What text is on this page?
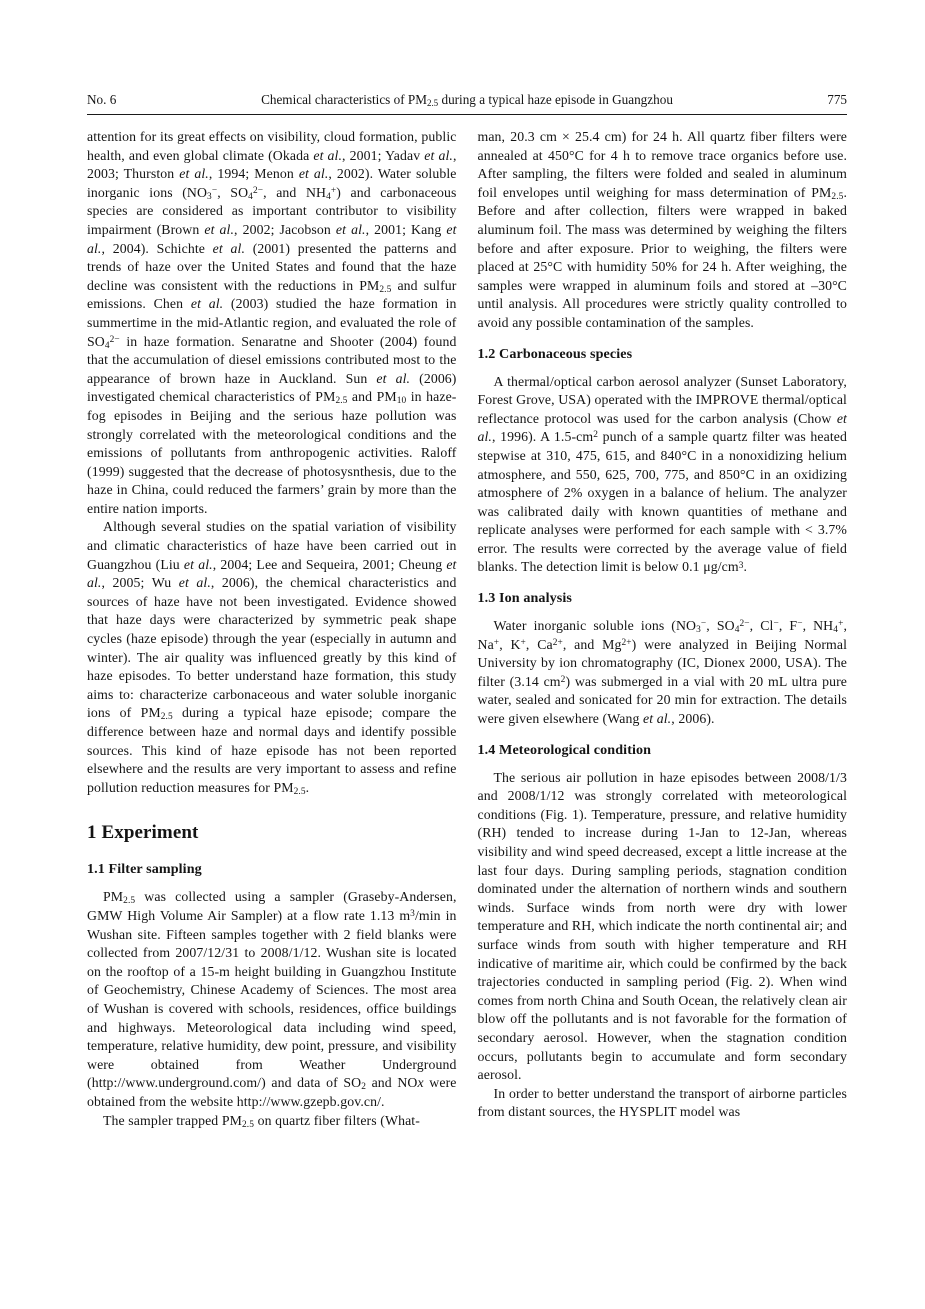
No. 6	Chemical characteristics of $PM_{2.5}$ during a typical haze episode in Guangzhou	775

attention for its great effects on visibility, cloud formation, public health, and even global climate (Okada et al., 2001; Yadav et al., 2003; Thurston et al., 1994; Menon et al., 2002). Water soluble inorganic ions ($NO_3^-$, $SO_4^{2-}$, and $NH_4^+$) and carbonaceous species are considered as important contributor to visibility impairment (Brown et al., 2002; Jacobson et al., 2001; Kang et al., 2004). Schichte et al. (2001) presented the patterns and trends of haze over the United States and found that the haze decline was consistent with the reductions in $PM_{2.5}$ and sulfur emissions. Chen et al. (2003) studied the haze formation in summertime in the mid-Atlantic region, and evaluated the role of $SO_4^{2-}$ in haze formation. Senaratne and Shooter (2004) found that the accumulation of diesel emissions contributed most to the appearance of brown haze in Auckland. Sun et al. (2006) investigated chemical characteristics of $PM_{2.5}$ and $PM_{10}$ in haze-fog episodes in Beijing and the serious haze pollution was strongly correlated with the meteorological conditions and the emissions of pollutants from anthropogenic activities. Raloff (1999) suggested that the decrease of photosysnthesis, due to the haze in China, could reduced the farmers’ grain by more than the entire nation imports.

Although several studies on the spatial variation of visibility and climatic characteristics of haze have been carried out in Guangzhou (Liu et al., 2004; Lee and Sequeira, 2001; Cheung et al., 2005; Wu et al., 2006), the chemical characteristics and sources of haze have not been investigated. Evidence showed that haze days were characterized by symmetric peak shape cycles (haze episode) through the year (especially in autumn and winter). The air quality was influenced greatly by this kind of haze episodes. To better understand haze formation, this study aims to: characterize carbonaceous and water soluble inorganic ions of $PM_{2.5}$ during a typical haze episode; compare the difference between haze and normal days and identify possible sources. This kind of haze episode has not been reported elsewhere and the results are very important to assess and refine pollution reduction measures for $PM_{2.5}$.

1 Experiment
1.1 Filter sampling

$PM_{2.5}$ was collected using a sampler (Graseby-Andersen, GMW High Volume Air Sampler) at a flow rate 1.13 $m^3/\min$ in Wushan site. Fifteen samples together with 2 field blanks were collected from 2007/12/31 to 2008/1/12. Wushan site is located on the rooftop of a 15-m height building in Guangzhou Institute of Geochemistry, Chinese Academy of Sciences. The most area of Wushan is covered with schools, residences, office buildings and highways. Meteorological data including wind speed, temperature, relative humidity, dew point, pressure, and visibility were obtained from Weather Underground (http://www.underground.com/) and data of $SO_2$ and NOx were obtained from the website http://www.gzepb.gov.cn/.

The sampler trapped $PM_{2.5}$ on quartz fiber filters (What-

man, 20.3 cm × 25.4 cm) for 24 h. All quartz fiber filters were annealed at 450°C for 4 h to remove trace organics before use. After sampling, the filters were folded and sealed in aluminum foil envelopes until weighing for mass determination of $PM_{2.5}$. Before and after collection, filters were wrapped in baked aluminum foil. The mass was determined by weighing the filters before and after exposure. Prior to weighing, the filters were placed at 25°C with humidity 50% for 24 h. After weighing, the samples were wrapped in aluminum foils and stored at –30°C until analysis. All procedures were strictly quality controlled to avoid any possible contamination of the samples.

1.2 Carbonaceous species

A thermal/optical carbon aerosol analyzer (Sunset Laboratory, Forest Grove, USA) operated with the IMPROVE thermal/optical reflectance protocol was used for the carbon analysis (Chow et al., 1996). A $1.5-cm^2$ punch of a sample quartz filter was heated stepwise at 310, 475, 615, and 840°C in a nonoxidizing helium atmosphere, and 550, 625, 700, 775, and 850°C in an oxidizing atmosphere of 2% oxygen in a balance of helium. The analyzer was calibrated daily with known quantities of methane and replicate analyses were performed for each sample with < 3.7% error. The results were corrected by the average value of field blanks. The detection limit is below 0.1 $\mu g/cm^3$.

1.3 Ion analysis

Water inorganic soluble ions ($NO_3^-$, $SO_4^{2-}$, Cl−, F−, $NH_4^+$, Na+, K+, $Ca^{2+}$, and $Mg^{2+}$) were analyzed in Beijing Normal University by ion chromatography (IC, Dionex 2000, USA). The filter (3.14 $cm^2$) was submerged in a vial with 20 mL ultra pure water, sealed and sonicated for 20 min for extraction. The details were given elsewhere (Wang et al., 2006).

1.4 Meteorological condition

The serious air pollution in haze episodes between 2008/1/3 and 2008/1/12 was strongly correlated with meteorological conditions (Fig. 1). Temperature, pressure, and relative humidity (RH) tended to increase during 1-Jan to 12-Jan, whereas visibility and wind speed decreased, except a little increase at the last four days. During sampling periods, stagnation condition dominated under the alternation of northern winds and southern winds. Surface winds from north were dry with lower temperature and RH, which indicate the north continental air; and surface winds from south with higher temperature and RH indicative of maritime air, which could be confirmed by the back trajectories conducted in sampling period (Fig. 2). When wind comes from north China and South Ocean, the relatively clean air blow off the pollutants and is not favorable for the formation of secondary aerosol. However, when the stagnation condition occurs, pollutants begin to accumulate and form secondary aerosol.

In order to better understand the transport of airborne particles from distant sources, the HYSPLIT model was
